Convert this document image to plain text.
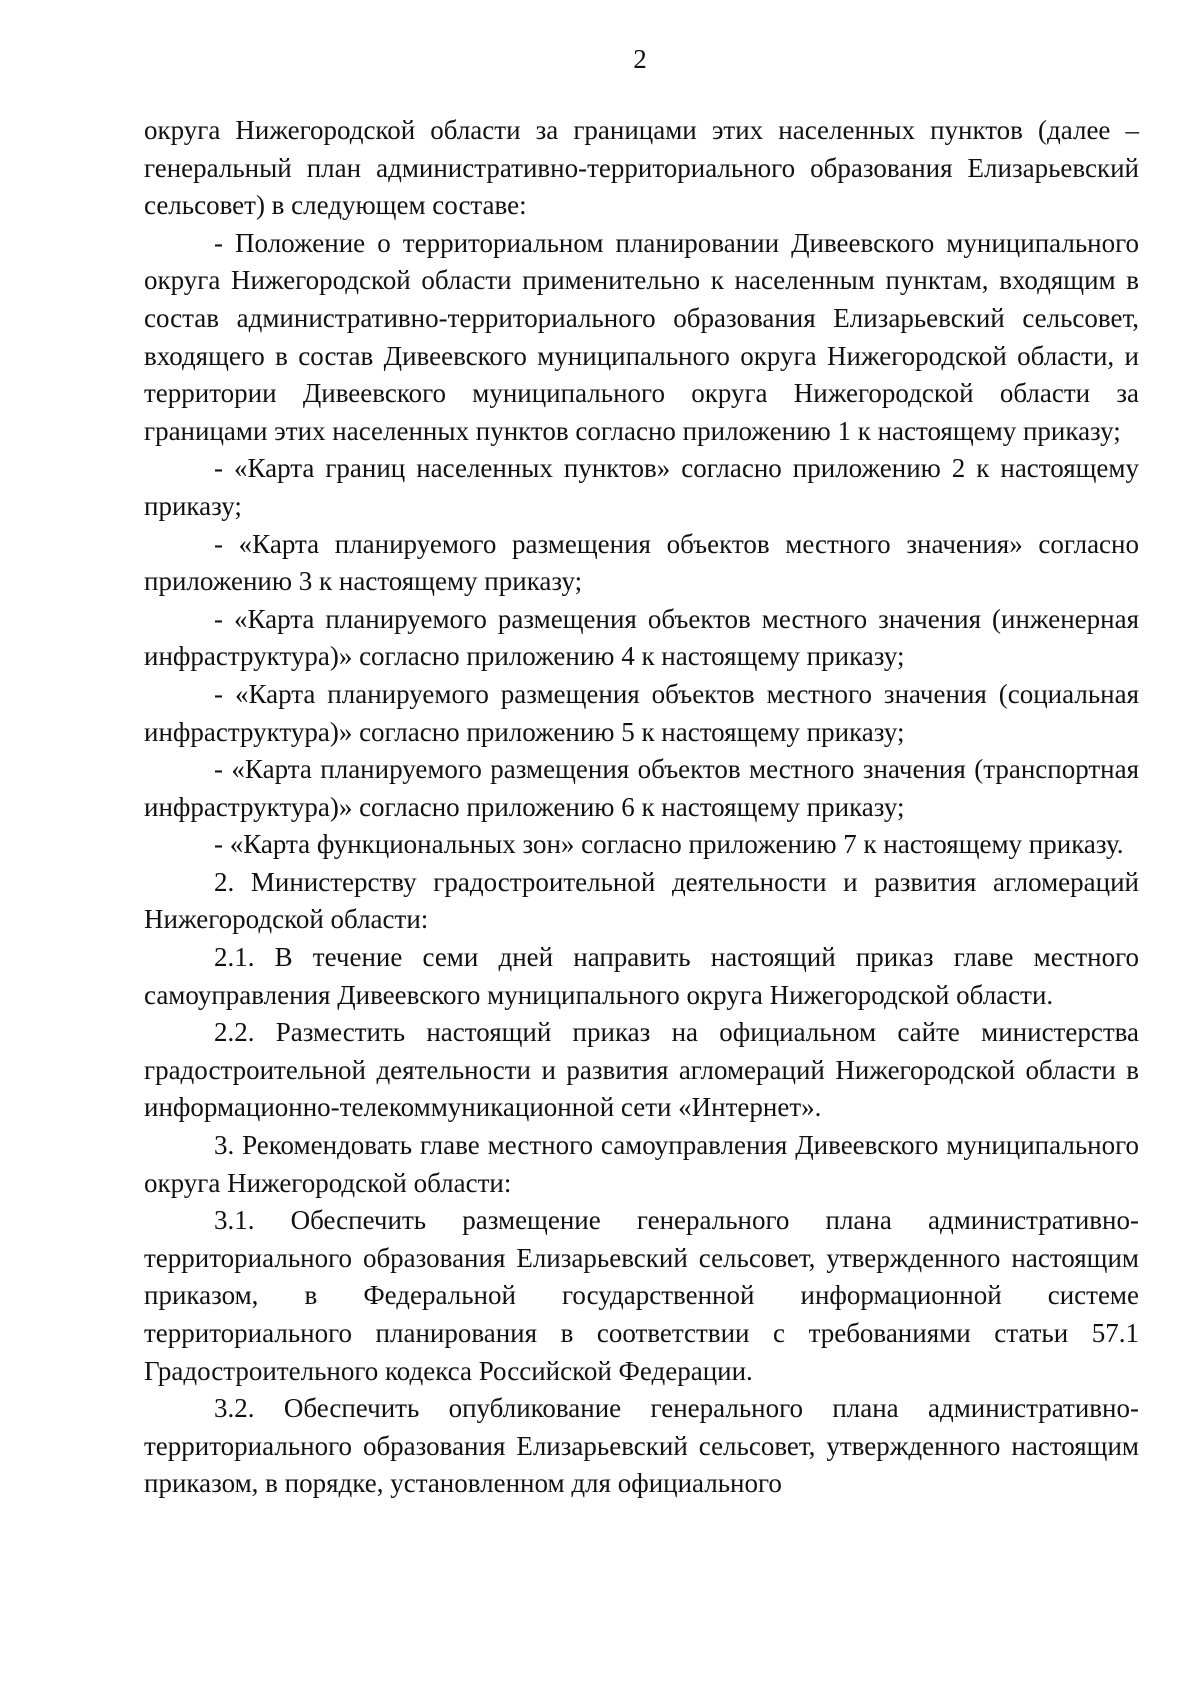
2

округа Нижегородской области за границами этих населенных пунктов (далее – генеральный план административно-территориального образования Елизарьевский сельсовет) в следующем составе:

- Положение о территориальном планировании Дивеевского муниципального округа Нижегородской области применительно к населенным пунктам, входящим в состав административно-территориального образования Елизарьевский сельсовет, входящего в состав Дивеевского муниципального округа Нижегородской области, и территории Дивеевского муниципального округа Нижегородской области за границами этих населенных пунктов согласно приложению 1 к настоящему приказу;

- «Карта границ населенных пунктов» согласно приложению 2 к настоящему приказу;

- «Карта планируемого размещения объектов местного значения» согласно приложению 3 к настоящему приказу;

- «Карта планируемого размещения объектов местного значения (инженерная инфраструктура)» согласно приложению 4 к настоящему приказу;

- «Карта планируемого размещения объектов местного значения (социальная инфраструктура)» согласно приложению 5 к настоящему приказу;

- «Карта планируемого размещения объектов местного значения (транспортная инфраструктура)» согласно приложению 6 к настоящему приказу;

- «Карта функциональных зон» согласно приложению 7 к настоящему приказу.

2. Министерству градостроительной деятельности и развития агломераций Нижегородской области:

2.1. В течение семи дней направить настоящий приказ главе местного самоуправления Дивеевского муниципального округа Нижегородской области.

2.2. Разместить настоящий приказ на официальном сайте министерства градостроительной деятельности и развития агломераций Нижегородской области в информационно-телекоммуникационной сети «Интернет».

3. Рекомендовать главе местного самоуправления Дивеевского муниципального округа Нижегородской области:

3.1. Обеспечить размещение генерального плана административно-территориального образования Елизарьевский сельсовет, утвержденного настоящим приказом, в Федеральной государственной информационной системе территориального планирования в соответствии с требованиями статьи 57.1 Градостроительного кодекса Российской Федерации.

3.2. Обеспечить опубликование генерального плана административно-территориального образования Елизарьевский сельсовет, утвержденного настоящим приказом, в порядке, установленном для официального
